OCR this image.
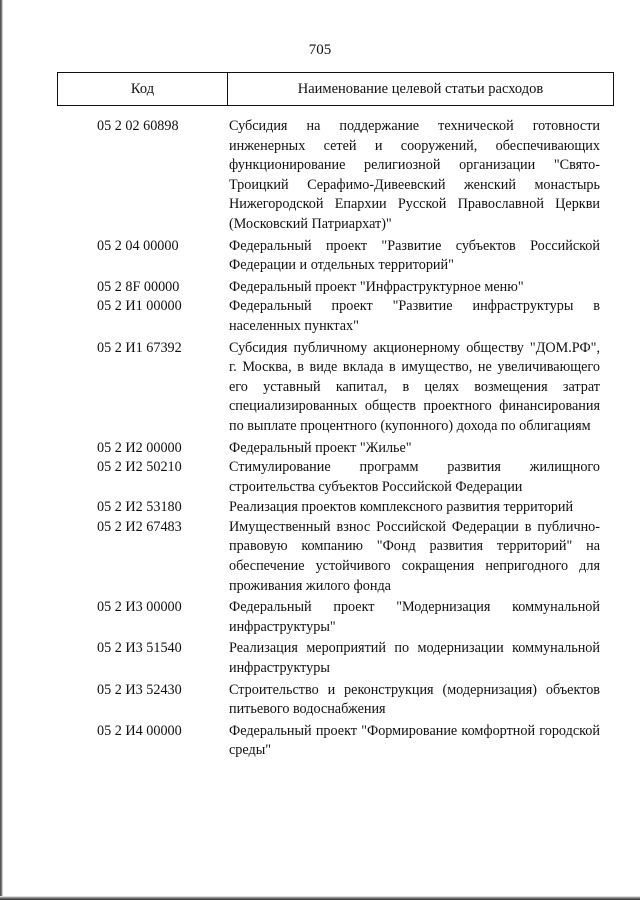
705
Код	Наименование целевой статьи расходов
05 2 02 60898	Субсидия на поддержание технической готовности инженерных сетей и сооружений, обеспечивающих функционирование религиозной организации "Свято-Троицкий Серафимо-Дивеевский женский монастырь Нижегородской Епархии Русской Православной Церкви (Московский Патриархат)"
05 2 04 00000	Федеральный проект "Развитие субъектов Российской Федерации и отдельных территорий"
05 2 8F 00000	Федеральный проект "Инфраструктурное меню"
05 2 И1 00000	Федеральный проект "Развитие инфраструктуры в населенных пунктах"
05 2 И1 67392	Субсидия публичному акционерному обществу "ДОМ.РФ", г. Москва, в виде вклада в имущество, не увеличивающего его уставный капитал, в целях возмещения затрат специализированных обществ проектного финансирования по выплате процентного (купонного) дохода по облигациям
05 2 И2 00000	Федеральный проект "Жилье"
05 2 И2 50210	Стимулирование программ развития жилищного строительства субъектов Российской Федерации
05 2 И2 53180	Реализация проектов комплексного развития территорий
05 2 И2 67483	Имущественный взнос Российской Федерации в публично-правовую компанию "Фонд развития территорий" на обеспечение устойчивого сокращения непригодного для проживания жилого фонда
05 2 И3 00000	Федеральный проект "Модернизация коммунальной инфраструктуры"
05 2 И3 51540	Реализация мероприятий по модернизации коммунальной инфраструктуры
05 2 И3 52430	Строительство и реконструкция (модернизация) объектов питьевого водоснабжения
05 2 И4 00000	Федеральный проект "Формирование комфортной городской среды"
